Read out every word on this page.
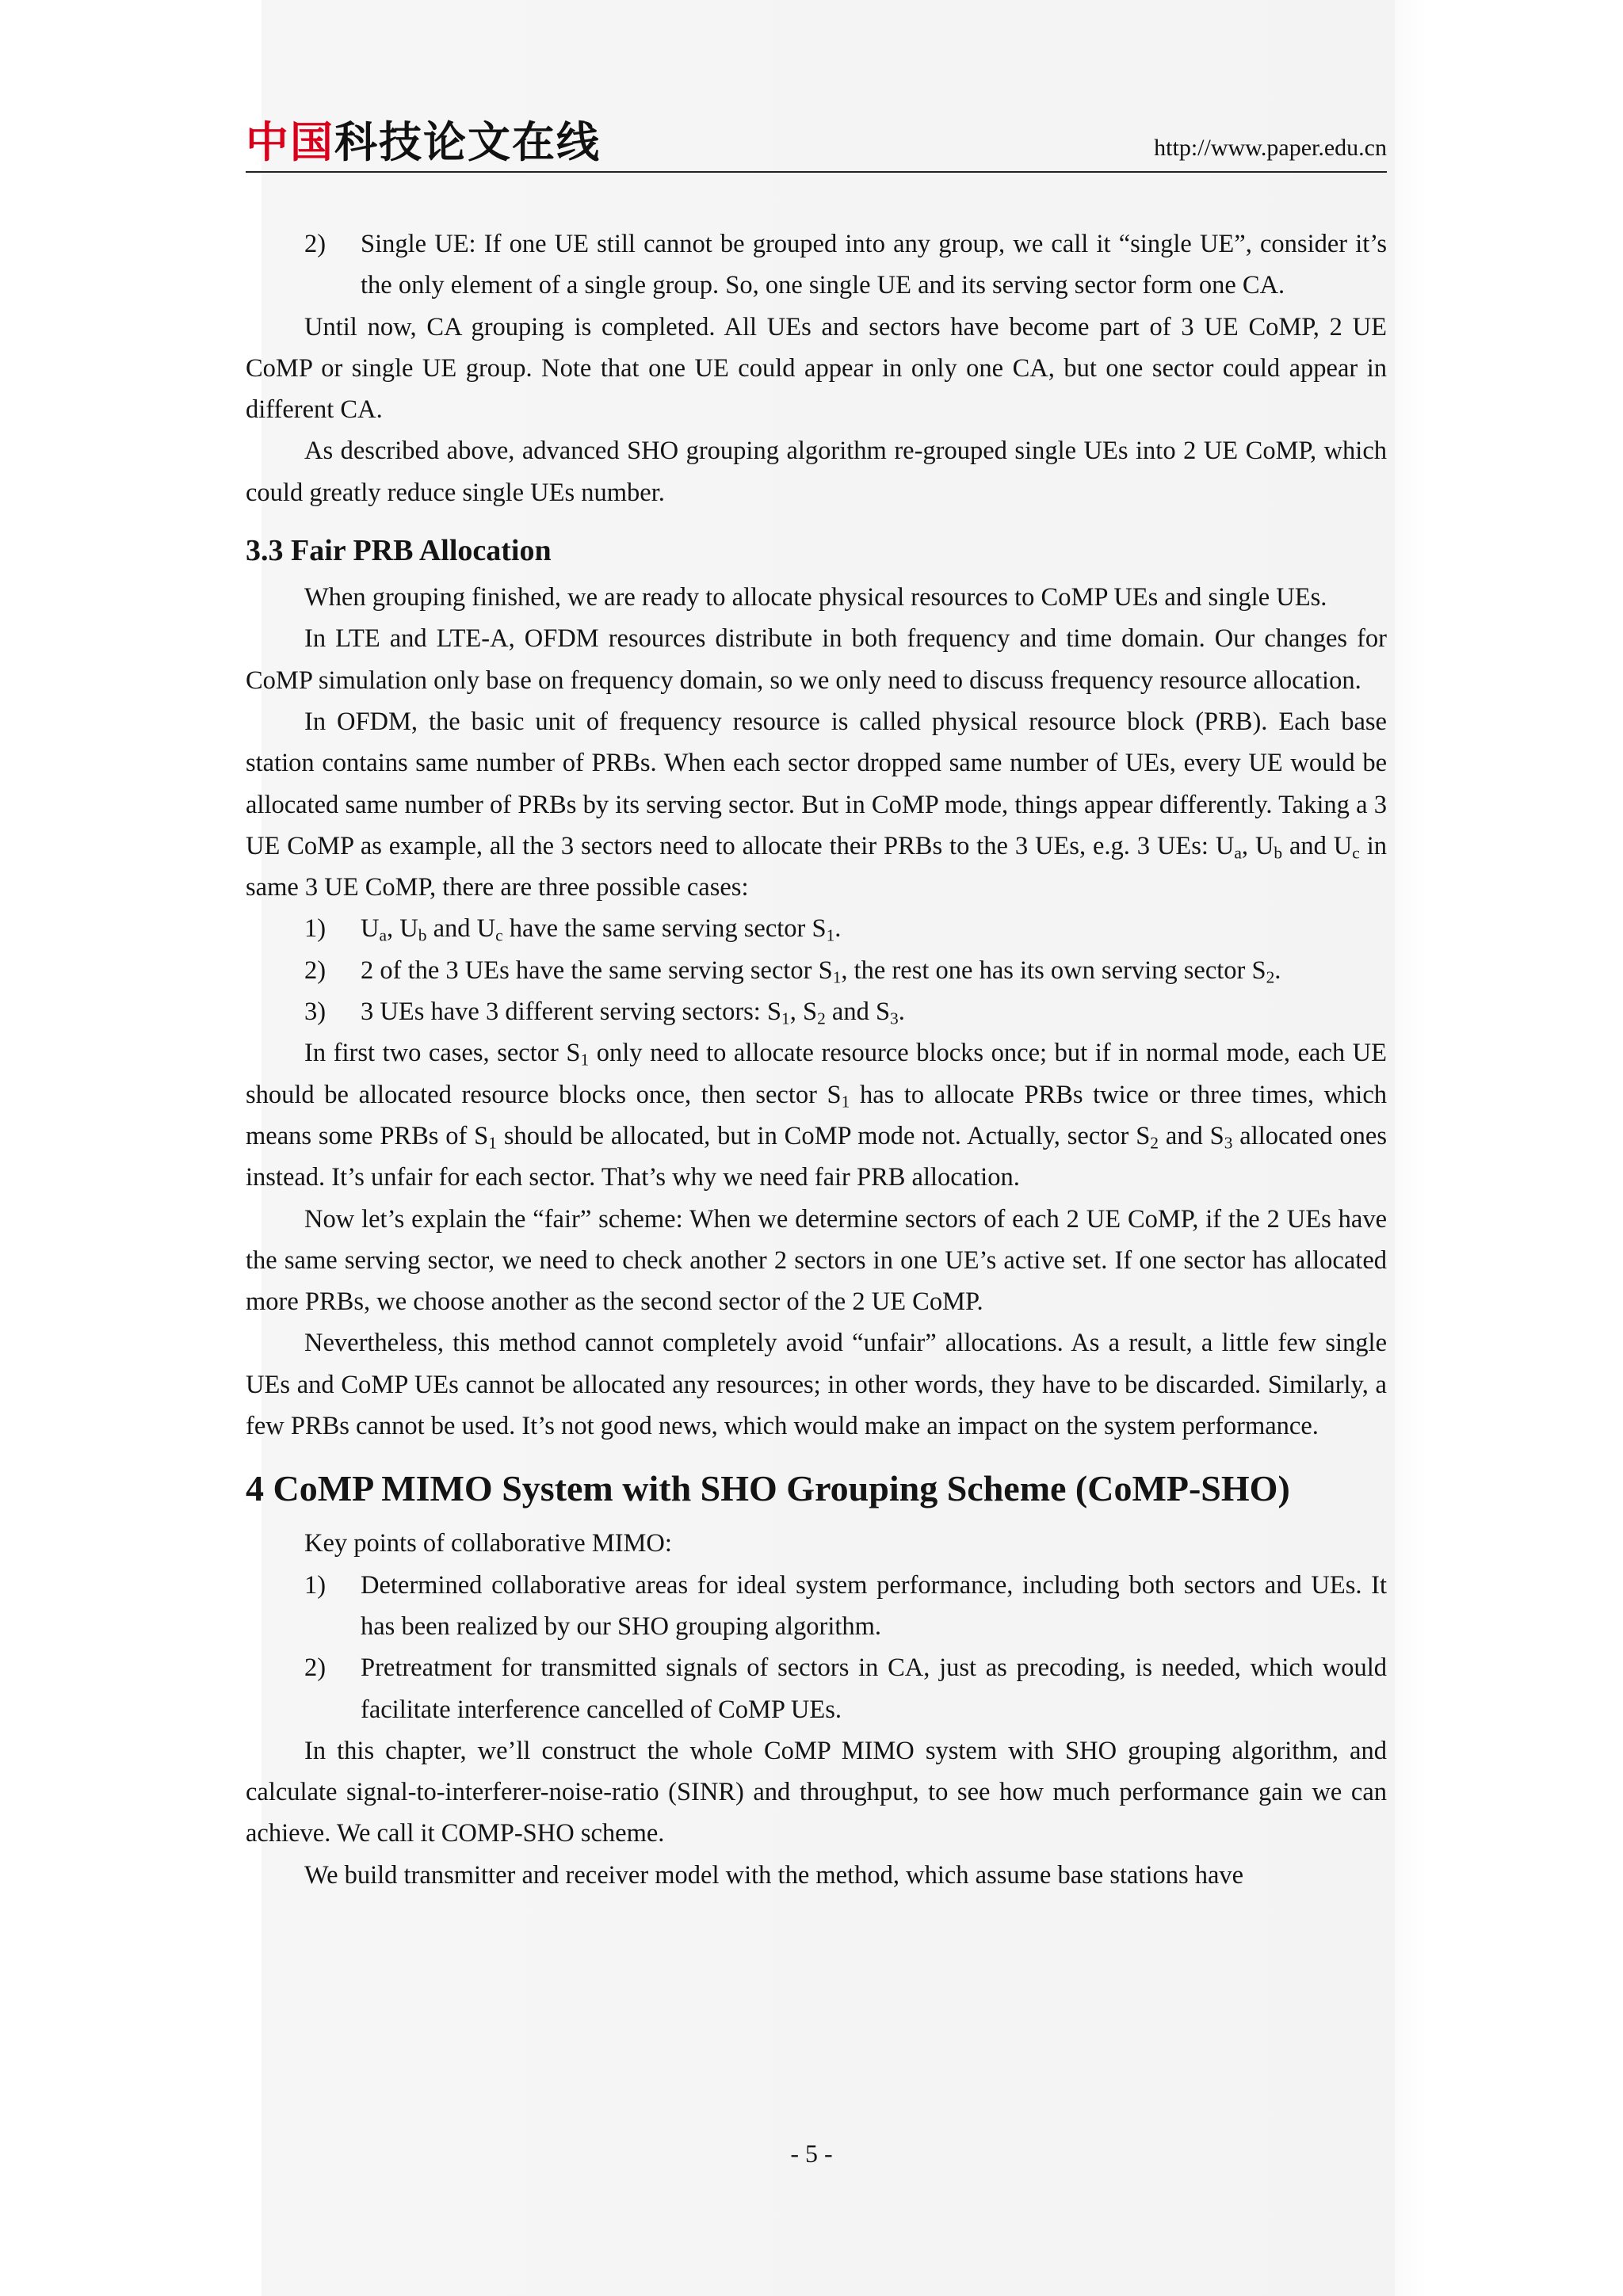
中国科技论文在线	http://www.paper.edu.cn

2) Single UE: If one UE still cannot be grouped into any group, we call it “single UE”, consider it’s the only element of a single group. So, one single UE and its serving sector form one CA.

Until now, CA grouping is completed. All UEs and sectors have become part of 3 UE CoMP, 2 UE CoMP or single UE group. Note that one UE could appear in only one CA, but one sector could appear in different CA.

As described above, advanced SHO grouping algorithm re-grouped single UEs into 2 UE CoMP, which could greatly reduce single UEs number.

3.3 Fair PRB Allocation

When grouping finished, we are ready to allocate physical resources to CoMP UEs and single UEs.

In LTE and LTE-A, OFDM resources distribute in both frequency and time domain. Our changes for CoMP simulation only base on frequency domain, so we only need to discuss frequency resource allocation.

In OFDM, the basic unit of frequency resource is called physical resource block (PRB). Each base station contains same number of PRBs. When each sector dropped same number of UEs, every UE would be allocated same number of PRBs by its serving sector. But in CoMP mode, things appear differently. Taking a 3 UE CoMP as example, all the 3 sectors need to allocate their PRBs to the 3 UEs, e.g. 3 UEs: $U_a$, $U_b$ and $U_c$ in same 3 UE CoMP, there are three possible cases:

1) $U_a$, $U_b$ and $U_c$ have the same serving sector $S_1$.

2) 2 of the 3 UEs have the same serving sector $S_1$, the rest one has its own serving sector $S_2$.

3) 3 UEs have 3 different serving sectors: $S_1$, $S_2$ and $S_3$.

In first two cases, sector $S_1$ only need to allocate resource blocks once; but if in normal mode, each UE should be allocated resource blocks once, then sector $S_1$ has to allocate PRBs twice or three times, which means some PRBs of $S_1$ should be allocated, but in CoMP mode not. Actually, sector $S_2$ and $S_3$ allocated ones instead. It’s unfair for each sector. That’s why we need fair PRB allocation.

Now let’s explain the “fair” scheme: When we determine sectors of each 2 UE CoMP, if the 2 UEs have the same serving sector, we need to check another 2 sectors in one UE’s active set. If one sector has allocated more PRBs, we choose another as the second sector of the 2 UE CoMP.

Nevertheless, this method cannot completely avoid “unfair” allocations. As a result, a little few single UEs and CoMP UEs cannot be allocated any resources; in other words, they have to be discarded. Similarly, a few PRBs cannot be used. It’s not good news, which would make an impact on the system performance.

4 CoMP MIMO System with SHO Grouping Scheme (CoMP-SHO)

Key points of collaborative MIMO:

1) Determined collaborative areas for ideal system performance, including both sectors and UEs. It has been realized by our SHO grouping algorithm.

2) Pretreatment for transmitted signals of sectors in CA, just as precoding, is needed, which would facilitate interference cancelled of CoMP UEs.

In this chapter, we’ll construct the whole CoMP MIMO system with SHO grouping algorithm, and calculate signal-to-interferer-noise-ratio (SINR) and throughput, to see how much performance gain we can achieve. We call it COMP-SHO scheme.

We build transmitter and receiver model with the method, which assume base stations have

- 5 -
